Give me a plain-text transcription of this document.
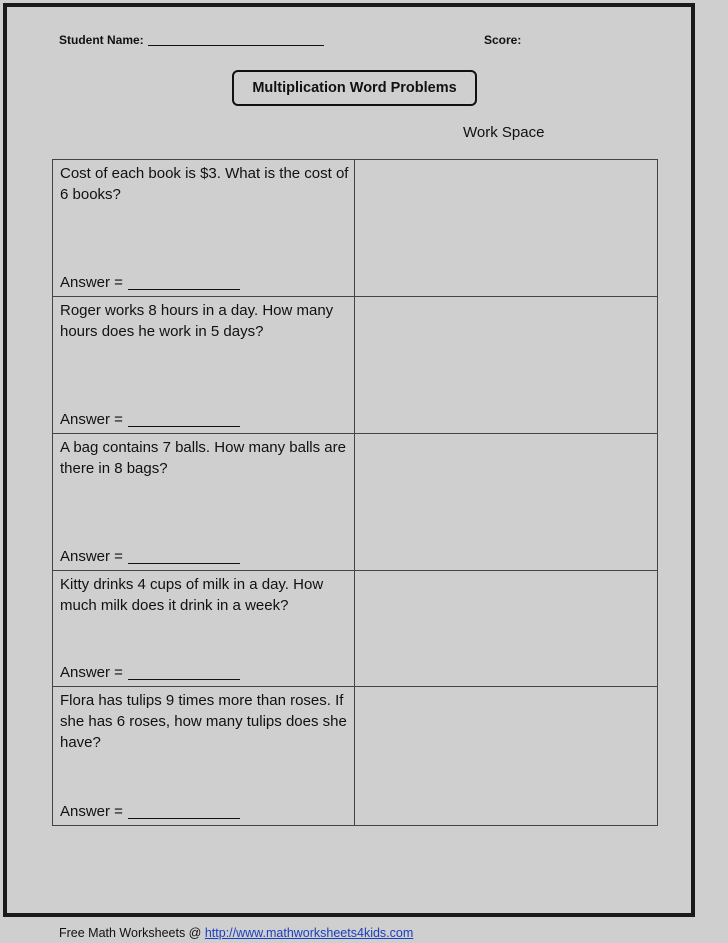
Student Name:	Score:
Multiplication Word Problems
Work Space
Cost of each book is $3. What is the cost of 6 books?
Answer =
Roger works 8 hours in a day. How many hours does he work in 5 days?
Answer =
A bag contains 7 balls. How many balls are there in 8 bags?
Answer =
Kitty drinks 4 cups of milk in a day. How much milk does it drink in a week?
Answer =
Flora has tulips 9 times more than roses. If she has 6 roses, how many tulips does she have?
Answer =
Free Math Worksheets @ http://www.mathworksheets4kids.com
